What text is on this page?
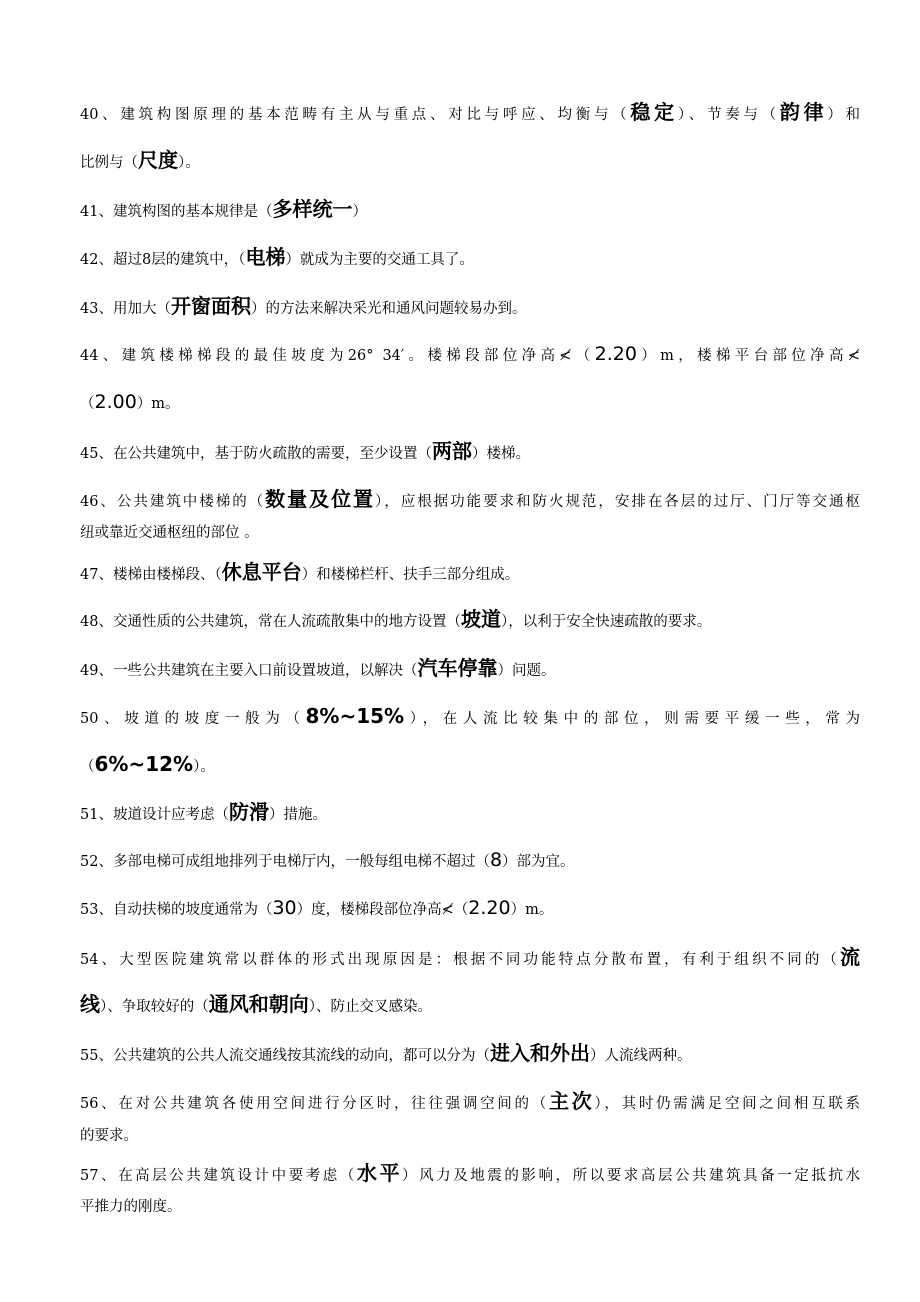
40、建筑构图原理的基本范畴有主从与重点、对比与呼应、均衡与（稳定）、节奏与（韵律）和
比例与（尺度）。
41、建筑构图的基本规律是（多样统一）
42、超过8层的建筑中，（电梯）就成为主要的交通工具了。
43、用加大（开窗面积）的方法来解决采光和通风问题较易办到。
44、建筑楼梯梯段的最佳坡度为26° 34′。楼梯段部位净高≮（2.20）m，楼梯平台部位净高≮
（2.00）m。
45、在公共建筑中，基于防火疏散的需要，至少设置（两部）楼梯。
46、公共建筑中楼梯的（数量及位置），应根据功能要求和防火规范，安排在各层的过厅、门厅等交通枢
纽或靠近交通枢纽的部位 。
47、楼梯由楼梯段、（休息平台）和楼梯栏杆、扶手三部分组成。
48、交通性质的公共建筑，常在人流疏散集中的地方设置（坡道），以利于安全快速疏散的要求。
49、一些公共建筑在主要入口前设置坡道，以解决（汽车停靠）问题。
50、坡道的坡度一般为（8%~15%），在人流比较集中的部位，则需要平缓一些，常为
（6%~12%）。
51、坡道设计应考虑（防滑）措施。
52、多部电梯可成组地排列于电梯厅内，一般每组电梯不超过（8）部为宜。
53、自动扶梯的坡度通常为（30）度，楼梯段部位净高≮（2.20）m。
54、大型医院建筑常以群体的形式出现原因是：根据不同功能特点分散布置，有利于组织不同的（流
线）、争取较好的（通风和朝向）、防止交叉感染。
55、公共建筑的公共人流交通线按其流线的动向，都可以分为（进入和外出）人流线两种。
56、在对公共建筑各使用空间进行分区时，往往强调空间的（主次），其时仍需满足空间之间相互联系
的要求。
57、在高层公共建筑设计中要考虑（水平）风力及地震的影响，所以要求高层公共建筑具备一定抵抗水
平推力的刚度。
